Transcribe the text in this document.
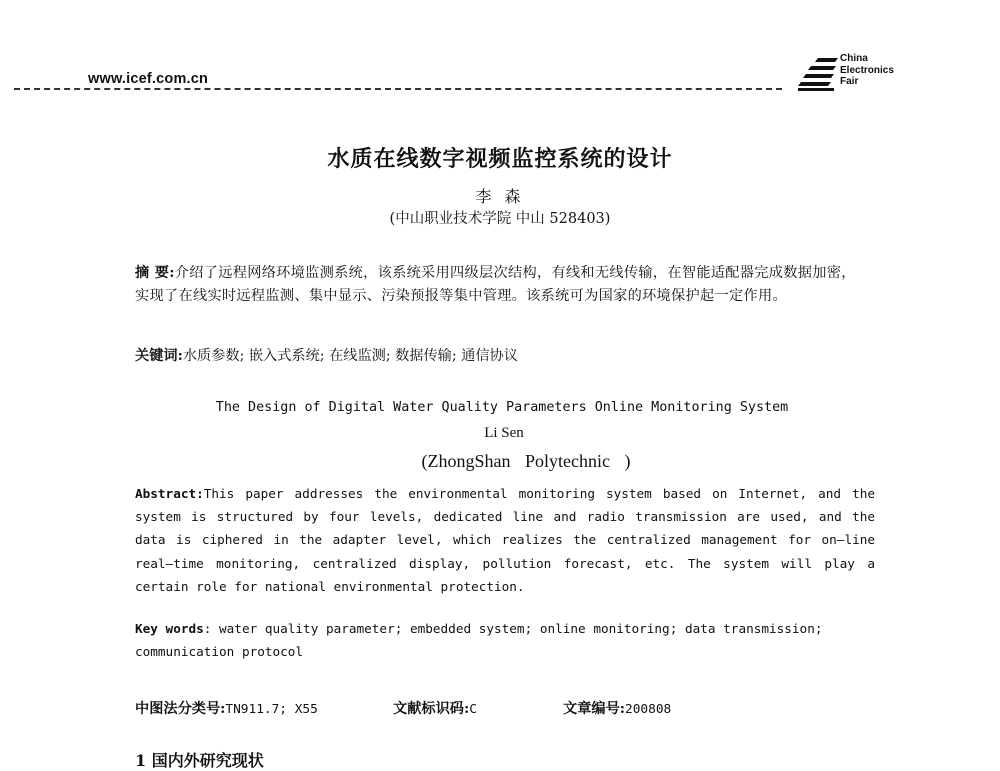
www.icef.com.cn
China
Electronics
Fair
水质在线数字视频监控系统的设计
李 森
(中山职业技术学院 中山 528403)
摘 要:介绍了远程网络环境监测系统，该系统采用四级层次结构，有线和无线传输，在智能适配器完成数据加密，实现了在线实时远程监测、集中显示、污染预报等集中管理。该系统可为国家的环境保护起一定作用。
关键词:水质参数; 嵌入式系统; 在线监测; 数据传输; 通信协议
The Design of Digital Water Quality Parameters Online Monitoring System
Li Sen
(ZhongShan Polytechnic )
Abstract:This paper addresses the environmental monitoring system based on Internet, and the system is structured by four levels, dedicated line and radio transmission are used, and the data is ciphered in the adapter level, which realizes the centralized management for on—line real—time monitoring, centralized display, pollution forecast, etc. The system will play a certain role for national environmental protection.
Key words: water quality parameter; embedded system; online monitoring; data transmission; communication protocol
中图法分类号:TN911.7; X55	文献标识码:C	文章编号:200808
1 国内外研究现状
